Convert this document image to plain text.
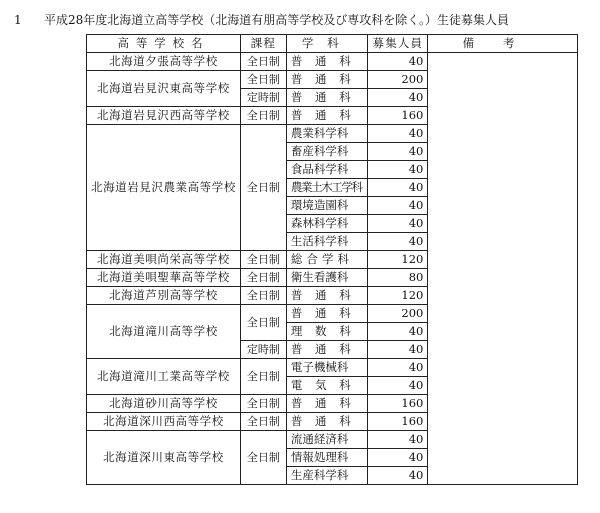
1 平成28年度北海道立高等学校（北海道有朋高等学校及び専攻科を除く。）生徒募集人員
高等学校名	課程	学科	募集人員	備考
北海道夕張高等学校	全日制	普通科	40	
北海道岩見沢東高等学校	全日制	普通科	200	
	定時制	普通科	40	
北海道岩見沢西高等学校	全日制	普通科	160	
北海道岩見沢農業高等学校	全日制	農業科学科	40	
		畜産科学科	40	
		食品科学科	40	
		農業土木工学科	40	
		環境造園科	40	
		森林科学科	40	
		生活科学科	40	
北海道美唄尚栄高等学校	全日制	総合学科	120	
北海道美唄聖華高等学校	全日制	衛生看護科	80	
北海道芦別高等学校	全日制	普通科	120	
北海道滝川高等学校	全日制	普通科	200	
		理数科	40	
	定時制	普通科	40	
北海道滝川工業高等学校	全日制	電子機械科	40	
		電気科	40	
北海道砂川高等学校	全日制	普通科	160	
北海道深川西高等学校	全日制	普通科	160	
北海道深川東高等学校	全日制	流通経済科	40	
		情報処理科	40	
		生産科学科	40	
